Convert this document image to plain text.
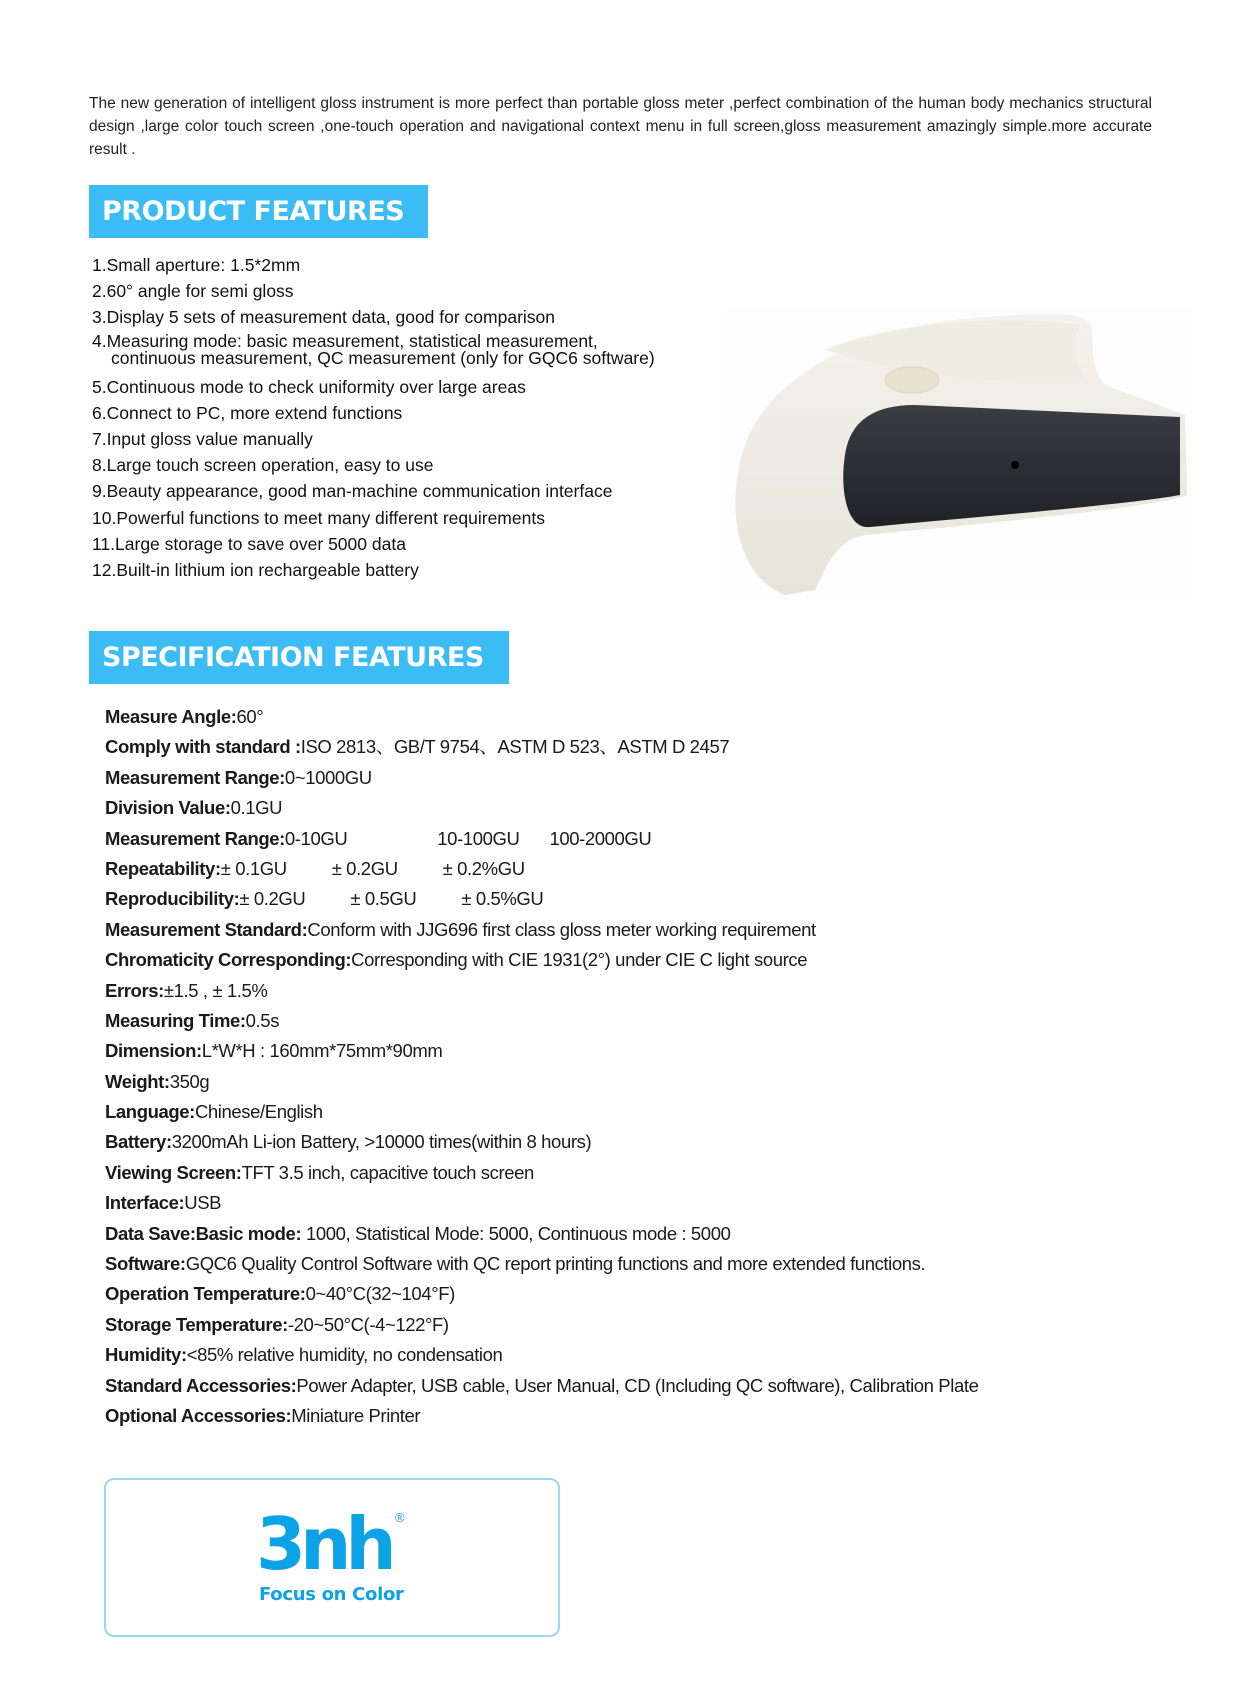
The new generation of intelligent gloss instrument is more perfect than portable gloss meter ,perfect combination of the human body mechanics structural design ,large color touch screen ,one-touch operation and navigational context menu in full screen,gloss measurement amazingly simple.more accurate result .

PRODUCT FEATURES
1.Small aperture: 1.5*2mm
2.60° angle for semi gloss
3.Display 5 sets of measurement data, good for comparison
4.Measuring mode: basic measurement, statistical measurement,
continuous measurement, QC measurement (only for GQC6 software)
5.Continuous mode to check uniformity over large areas
6.Connect to PC, more extend functions
7.Input gloss value manually
8.Large touch screen operation, easy to use
9.Beauty appearance, good man-machine communication interface
10.Powerful functions to meet many different requirements
11.Large storage to save over 5000 data
12.Built-in lithium ion rechargeable battery
SPECIFICATION FEATURES
Measure Angle:60°
Comply with standard :ISO 2813、GB/T 9754、ASTM D 523、ASTM D 2457
Measurement Range:0~1000GU
Division Value:0.1GU
Measurement Range:0-10GU	10-100GU 100-2000GU
Repeatability:± 0.1GU ± 0.2GU ± 0.2%GU
Reproducibility:± 0.2GU ± 0.5GU ± 0.5%GU
Measurement Standard:Conform with JJG696 first class gloss meter working requirement
Chromaticity Corresponding:Corresponding with CIE 1931(2°) under CIE C light source
Errors:±1.5 , ± 1.5%
Measuring Time:0.5s
Dimension:L*W*H : 160mm*75mm*90mm
Weight:350g
Language:Chinese/English
Battery:3200mAh Li-ion Battery, >10000 times(within 8 hours)
Viewing Screen:TFT 3.5 inch, capacitive touch screen
Interface:USB
Data Save:Basic mode: 1000, Statistical Mode: 5000, Continuous mode : 5000
Software:GQC6 Quality Control Software with QC report printing functions and more extended functions.
Operation Temperature:0~40°C(32~104°F)
Storage Temperature:-20~50°C(-4~122°F)
Humidity:<85% relative humidity, no condensation
Standard Accessories:Power Adapter, USB cable, User Manual, CD (Including QC software), Calibration Plate
Optional Accessories:Miniature Printer
3nh ®
Focus on Color
